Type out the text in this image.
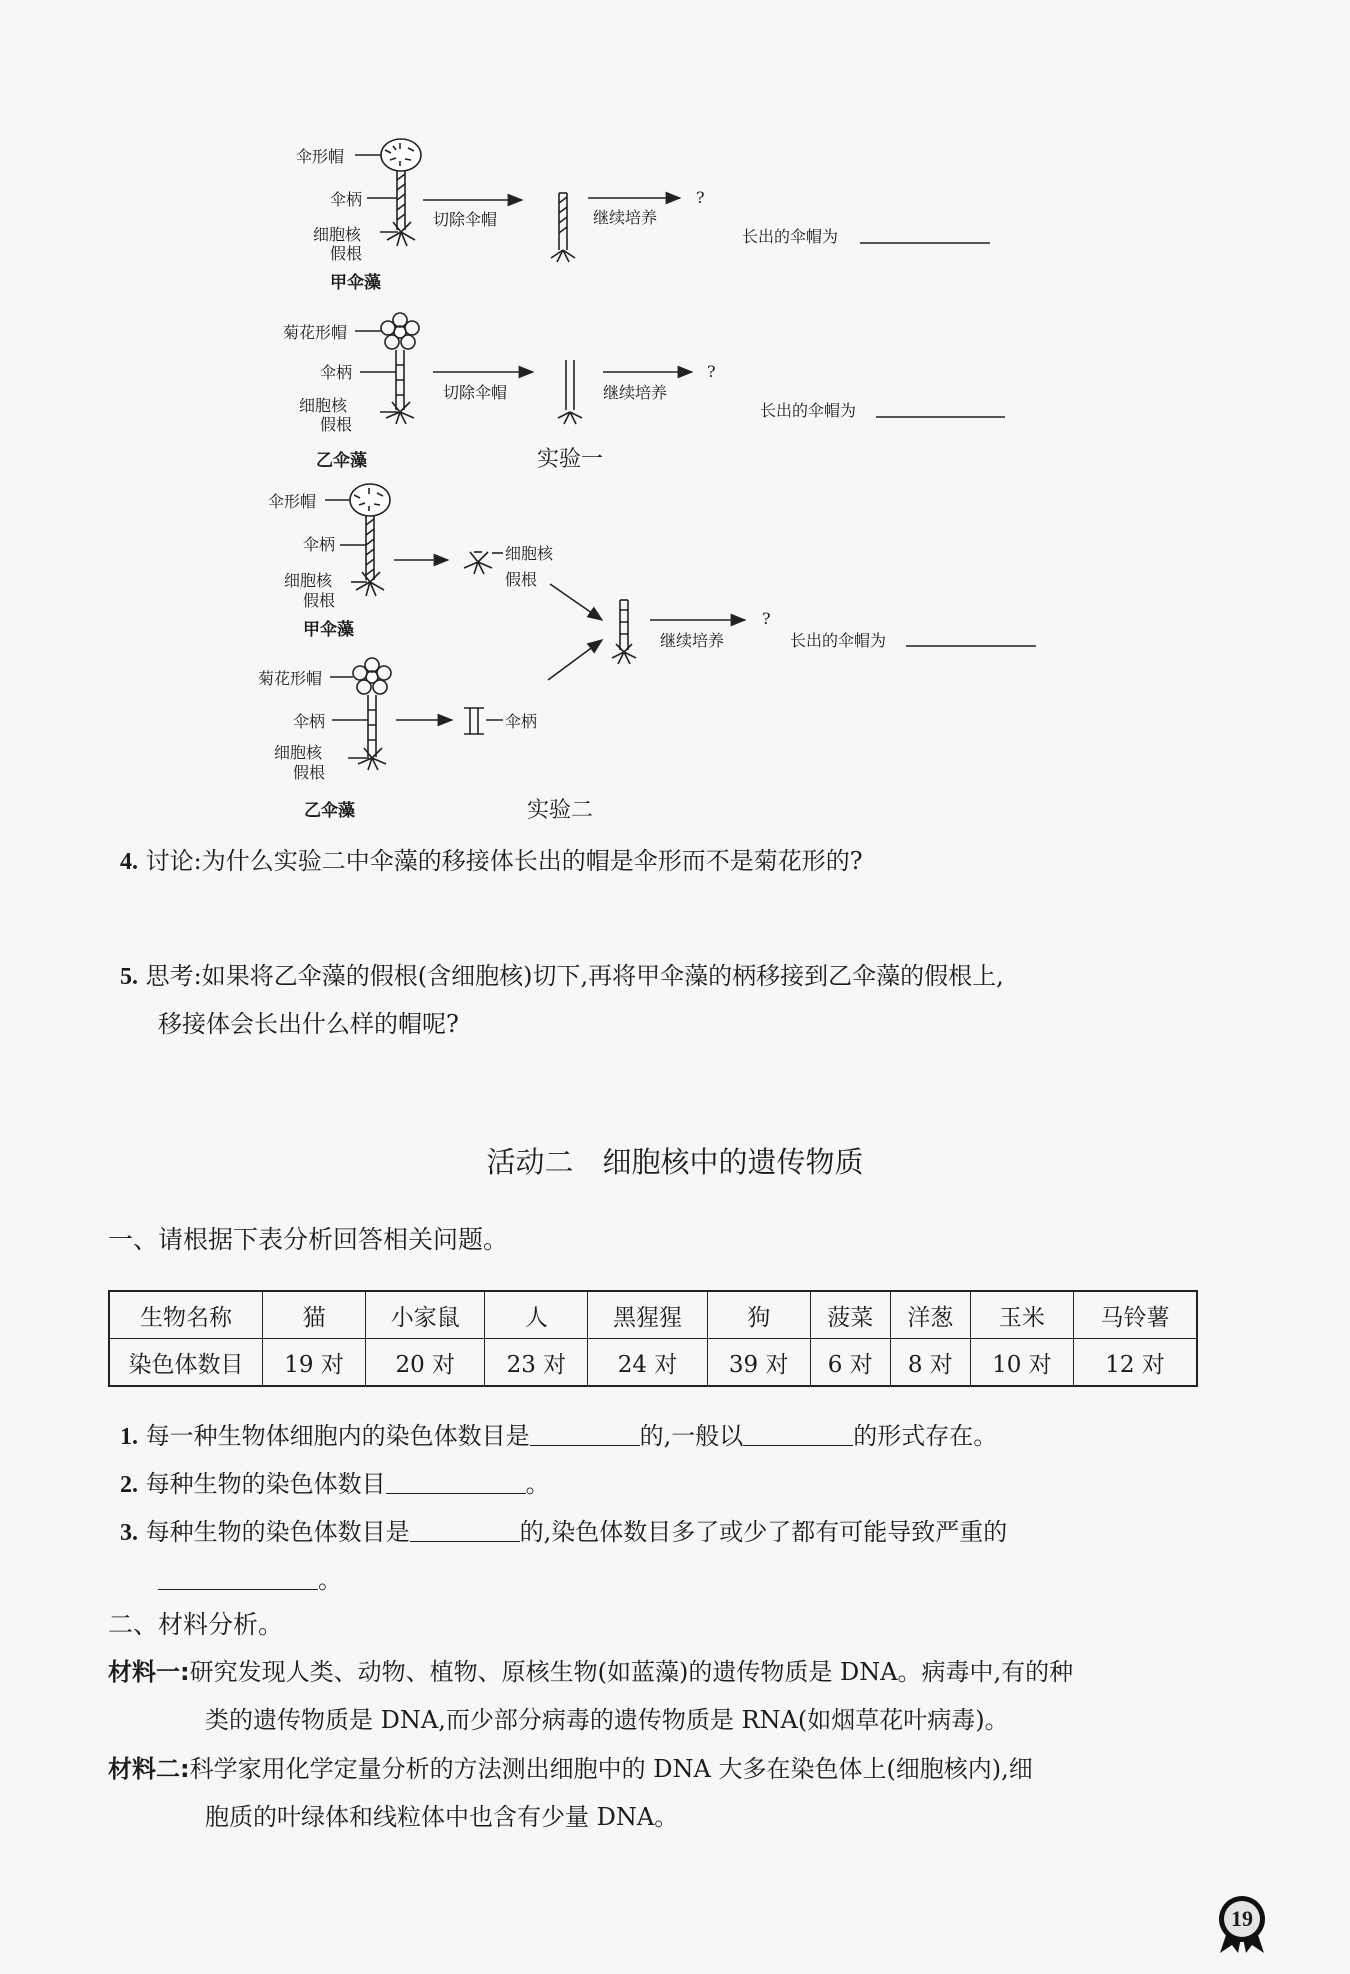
伞形帽
伞柄
细胞核
假根
甲伞藻
切除伞帽	继续培养
?
长出的伞帽为
菊花形帽
伞柄
细胞核
假根
乙伞藻
切除伞帽	继续培养
?
长出的伞帽为
实验一
伞形帽
伞柄
细胞核
假根
甲伞藻
细胞核
假根
继续培养
?
长出的伞帽为
菊花形帽
伞柄
细胞核
假根
乙伞藻
伞柄
实验二
4. 讨论:为什么实验二中伞藻的移接体长出的帽是伞形而不是菊花形的?
5. 思考:如果将乙伞藻的假根(含细胞核)切下,再将甲伞藻的柄移接到乙伞藻的假根上,
移接体会长出什么样的帽呢?
活动二　细胞核中的遗传物质
一、请根据下表分析回答相关问题。
生物名称	猫	小家鼠	人	黑猩猩	狗	菠菜	洋葱	玉米	马铃薯
染色体数目	19 对	20 对	23 对	24 对	39 对	6 对	8 对	10 对	12 对
1. 每一种生物体细胞内的染色体数目是	的,一般以	的形式存在。
2. 每种生物的染色体数目	。
3. 每种生物的染色体数目是	的,染色体数目多了或少了都有可能导致严重的
。
二、材料分析。
材料一:研究发现人类、动物、植物、原核生物(如蓝藻)的遗传物质是 DNA。病毒中,有的种
类的遗传物质是 DNA,而少部分病毒的遗传物质是 RNA(如烟草花叶病毒)。
材料二:科学家用化学定量分析的方法测出细胞中的 DNA 大多在染色体上(细胞核内),细
胞质的叶绿体和线粒体中也含有少量 DNA。
19
